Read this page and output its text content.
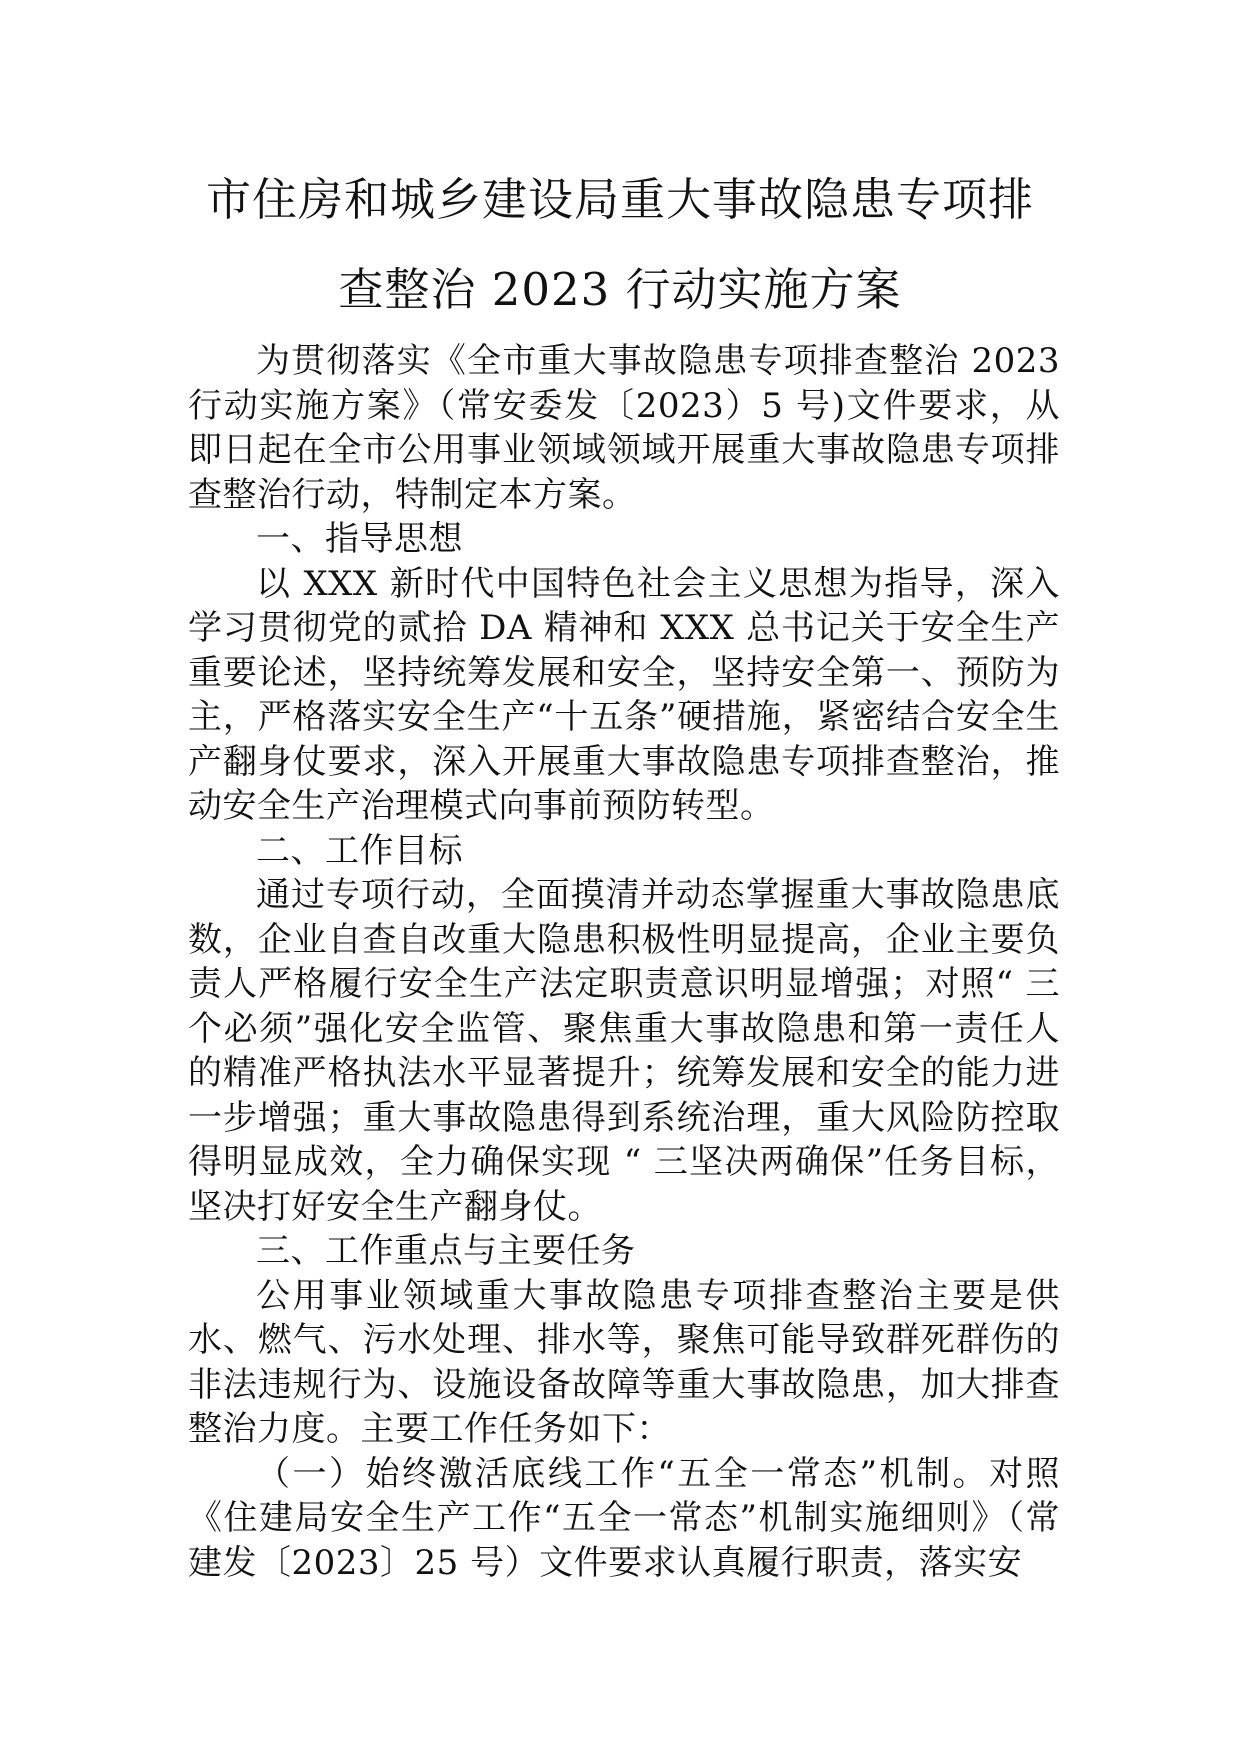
市住房和城乡建设局重大事故隐患专项排
查整治 2023 行动实施方案

为贯彻落实《全市重大事故隐患专项排查整治 2023 行动实施方案》（常安委发〔2023）5 号)文件要求，从即日起在全市公用事业领域领域开展重大事故隐患专项排查整治行动，特制定本方案。

一、指导思想

以 XXX 新时代中国特色社会主义思想为指导，深入学习贯彻党的贰拾 DA 精神和 XXX 总书记关于安全生产重要论述，坚持统筹发展和安全，坚持安全第一、预防为主，严格落实安全生产“十五条”硬措施，紧密结合安全生产翻身仗要求，深入开展重大事故隐患专项排查整治，推动安全生产治理模式向事前预防转型。

二、工作目标

通过专项行动，全面摸清并动态掌握重大事故隐患底数，企业自查自改重大隐患积极性明显提高，企业主要负责人严格履行安全生产法定职责意识明显增强；对照“ 三个必须”强化安全监管、聚焦重大事故隐患和第一责任人的精准严格执法水平显著提升；统筹发展和安全的能力进一步增强；重大事故隐患得到系统治理，重大风险防控取得明显成效，全力确保实现 “ 三坚决两确保”任务目标，坚决打好安全生产翻身仗。

三、工作重点与主要任务

公用事业领域重大事故隐患专项排查整治主要是供水、燃气、污水处理、排水等，聚焦可能导致群死群伤的非法违规行为、设施设备故障等重大事故隐患，加大排查整治力度。主要工作任务如下：

（一）始终激活底线工作“五全一常态”机制。对照《住建局安全生产工作“五全一常态”机制实施细则》（常建发〔2023〕25 号）文件要求认真履行职责，落实安
